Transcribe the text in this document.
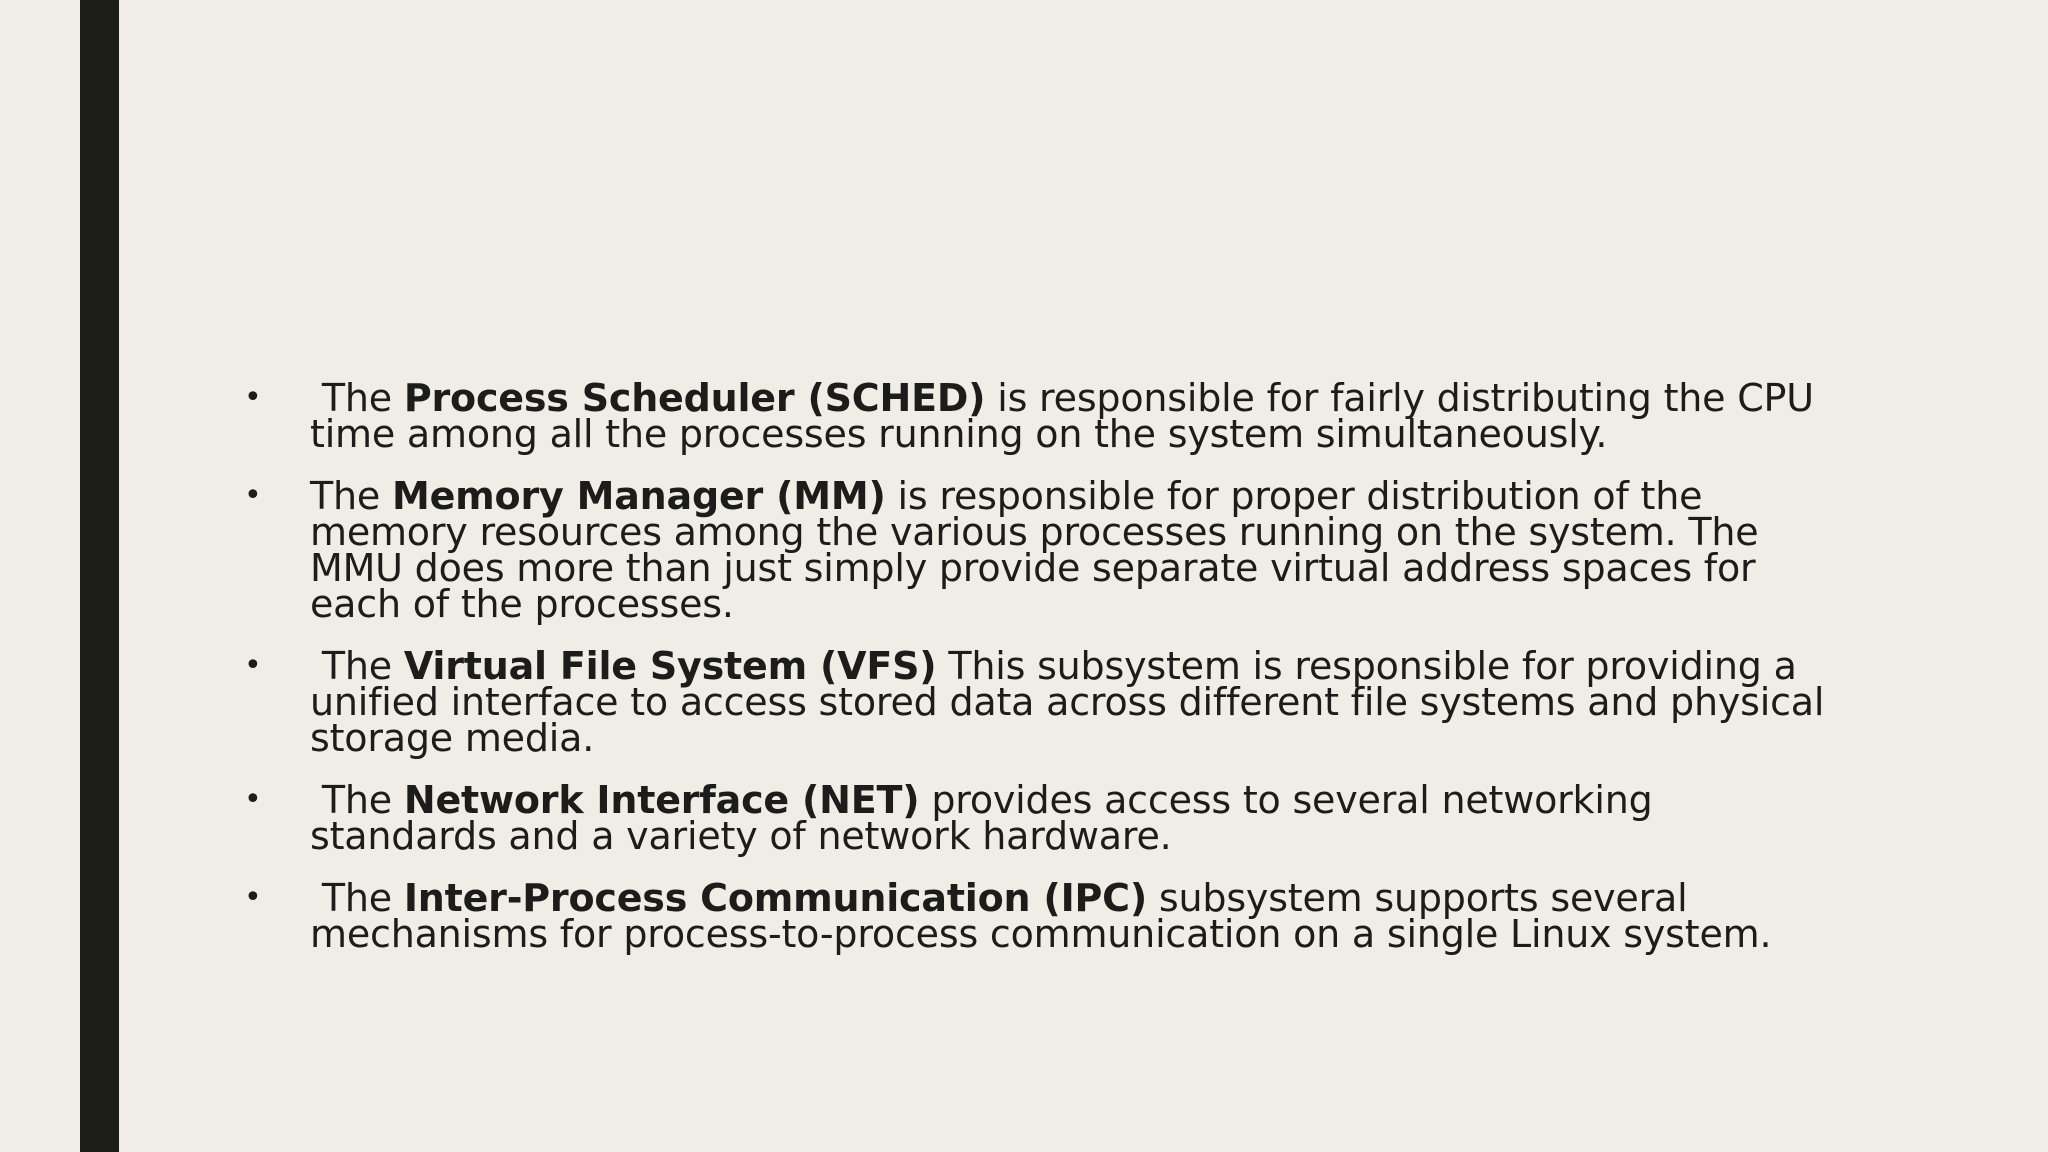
• The Process Scheduler (SCHED) is responsible for fairly distributing the CPU time among all the processes running on the system simultaneously.
• The Memory Manager (MM) is responsible for proper distribution of the memory resources among the various processes running on the system. The MMU does more than just simply provide separate virtual address spaces for each of the processes.
• The Virtual File System (VFS) This subsystem is responsible for providing a unified interface to access stored data across different file systems and physical storage media.
• The Network Interface (NET) provides access to several networking standards and a variety of network hardware.
• The Inter-Process Communication (IPC) subsystem supports several mechanisms for process-to-process communication on a single Linux system.
